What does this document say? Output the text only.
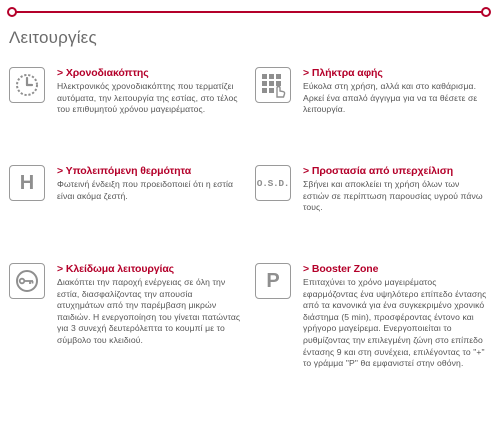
Λειτουργίες
> Χρονοδιακόπτης
Ηλεκτρονικός χρονοδιακόπτης που τερματίζει αυτόματα, την λειτουργία της εστίας, στο τέλος του επιθυμητού χρόνου μαγειρέματος.
> Πλήκτρα αφής
Εύκολα στη χρήση, αλλά και στο καθάρισμα. Αρκεί ένα απαλό άγγιγμα για να τα θέσετε σε λειτουργία.
H
> Υπολειπόμενη θερμότητα
Φωτεινή ένδειξη που προειδοποιεί ότι η εστία είναι ακόμα ζεστή.
O.S.D.
> Προστασία από υπερχείλιση
Σβήνει και αποκλείει τη χρήση όλων των εστιών σε περίπτωση παρουσίας υγρού πάνω τους.
> Κλείδωμα λειτουργίας
Διακόπτει την παροχή ενέργειας σε όλη την εστία, διασφαλίζοντας την απουσία ατυχημάτων από την παρέμβαση μικρών παιδιών. Η ενεργοποίηση του γίνεται πατώντας για 3 συνεχή δευτερόλεπτα το κουμπί με το σύμβολο του κλειδιού.
P
> Booster Zone
Επιταχύνει το χρόνο μαγειρέματος εφαρμόζοντας ένα υψηλότερο επίπεδο έντασης από τα κανονικά για ένα συγκεκριμένο χρονικό διάστημα (5 min), προσφέροντας έντονο και γρήγορο μαγείρεμα. Ενεργοποιείται το ρυθμίζοντας την επιλεγμένη ζώνη στο επίπεδο έντασης 9 και στη συνέχεια, επιλέγοντας το "+" το γράμμα "P" θα εμφανιστεί στην οθόνη.
